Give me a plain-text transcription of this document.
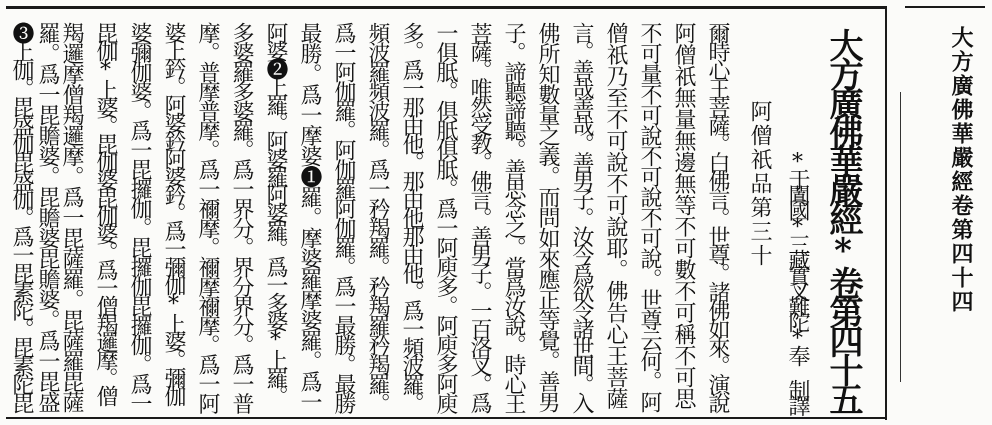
大方廣佛華嚴經卷第四十四
大方廣佛華嚴經*卷第四十五
*于闐國*三藏實叉難陀*奉 制譯
阿僧祇品第三十
爾時心王菩薩。白佛言。世尊。諸佛如來。演說
阿僧祇無量無邊無等不可數不可稱不可思
不可量不可說不可說不可說。世尊云何。阿
僧祇乃至不可說不可說耶。佛告心王菩薩
言。善哉善哉。善男子。汝今爲欲令諸世間。入
佛所知數量之義。而問如來應正等覺。善男
子。諦聽諦聽。善思念之。當爲汝說。時心王
菩薩。唯然受教。佛言。善男子。一百洛叉。爲
一俱胝。俱胝俱胝。爲一阿庾多。阿庾多阿庾
多。爲一那由他。那由他那由他。爲一頻波羅。
頻波羅頻波羅。爲一矜羯羅。矜羯羅矜羯羅。
爲一阿伽羅。阿伽羅阿伽羅。爲一最勝。最勝
最勝。爲一摩婆❶羅。摩婆羅摩婆羅。爲一
阿婆❷上羅。阿婆羅阿婆羅。爲一多婆*上羅。
多婆羅多婆羅。爲一界分。界分界分。爲一普
摩。普摩普摩。爲一禰摩。禰摩禰摩。爲一阿
婆上鈐。阿婆鈐阿婆鈐。爲一彌伽*上婆。彌伽
婆彌伽婆。爲一毘攞伽。毘攞伽毘攞伽。爲一
毘伽*上婆。毘伽婆毘伽婆。爲一僧羯邏摩。僧
羯邏摩僧羯邏摩。爲一毘薩羅。毘薩羅毘薩
羅。爲一毘贍婆。毘贍婆毘贍婆。爲一毘盛
❸上伽。毘盛伽毘盛伽。爲一毘素陀。毘素陀毘
